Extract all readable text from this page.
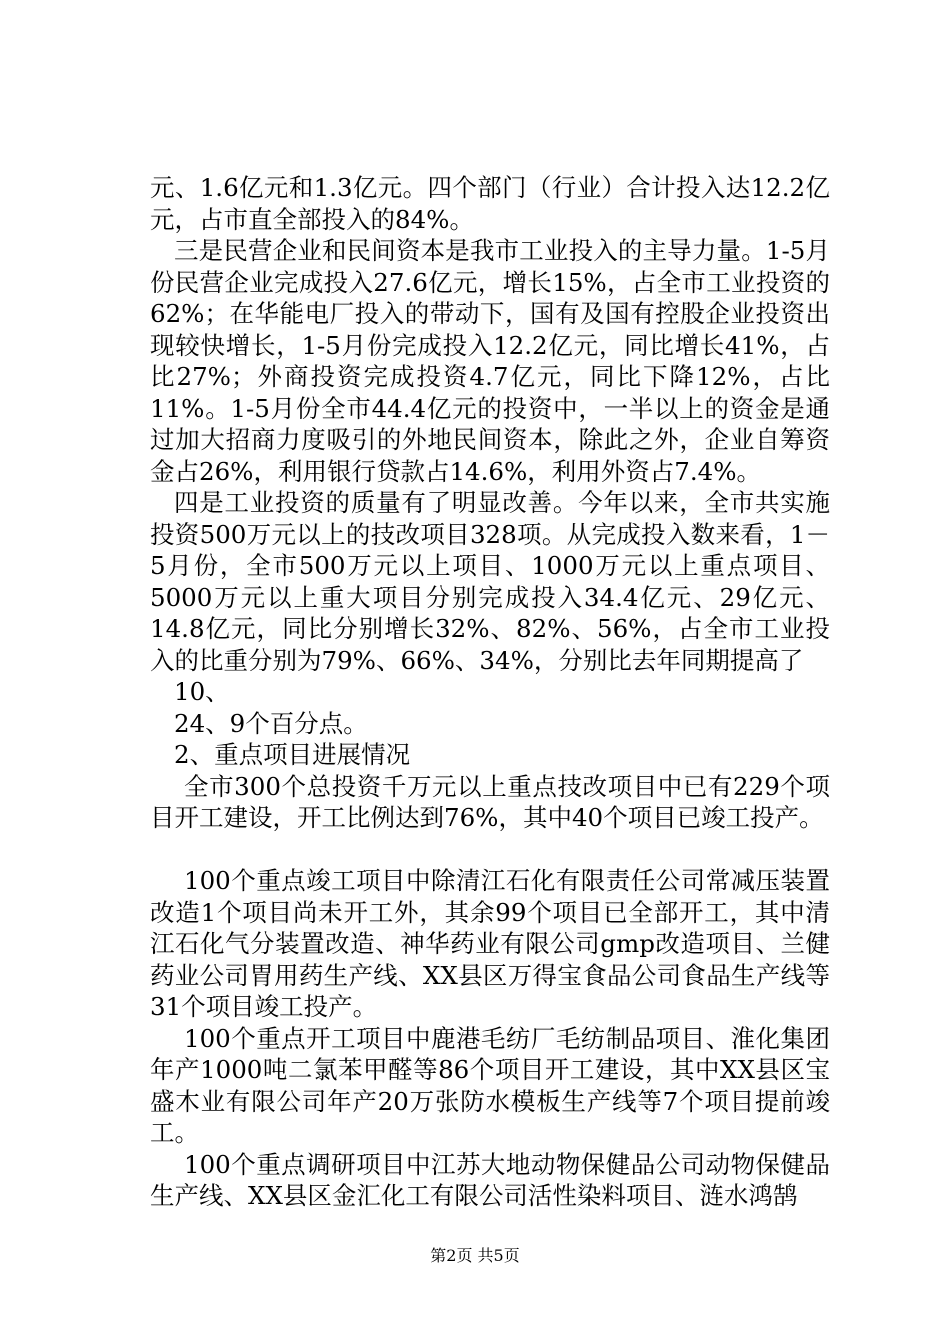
元、1.6亿元和1.3亿元。四个部门（行业）合计投入达12.2亿元，占市直全部投入的84%。

三是民营企业和民间资本是我市工业投入的主导力量。1-5月份民营企业完成投入27.6亿元，增长15%，占全市工业投资的62%；在华能电厂投入的带动下，国有及国有控股企业投资出现较快增长，1-5月份完成投入12.2亿元，同比增长41%，占比27%；外商投资完成投资4.7亿元，同比下降12%，占比11%。1-5月份全市44.4亿元的投资中，一半以上的资金是通过加大招商力度吸引的外地民间资本，除此之外，企业自筹资金占26%，利用银行贷款占14.6%，利用外资占7.4%。

四是工业投资的质量有了明显改善。今年以来，全市共实施投资500万元以上的技改项目328项。从完成投入数来看，1－5月份，全市500万元以上项目、1000万元以上重点项目、5000万元以上重大项目分别完成投入34.4亿元、29亿元、14.8亿元，同比分别增长32%、82%、56%，占全市工业投入的比重分别为79%、66%、34%，分别比去年同期提高了

10、

24、9个百分点。

2、重点项目进展情况

全市300个总投资千万元以上重点技改项目中已有229个项目开工建设，开工比例达到76%，其中40个项目已竣工投产。

100个重点竣工项目中除清江石化有限责任公司常减压装置改造1个项目尚未开工外，其余99个项目已全部开工，其中清江石化气分装置改造、神华药业有限公司gmp改造项目、兰健药业公司胃用药生产线、XX县区万得宝食品公司食品生产线等31个项目竣工投产。

100个重点开工项目中鹿港毛纺厂毛纺制品项目、淮化集团年产1000吨二氯苯甲醛等86个项目开工建设，其中XX县区宝盛木业有限公司年产20万张防水模板生产线等7个项目提前竣工。

100个重点调研项目中江苏大地动物保健品公司动物保健品生产线、XX县区金汇化工有限公司活性染料项目、涟水鸿鹄

第2页 共5页
